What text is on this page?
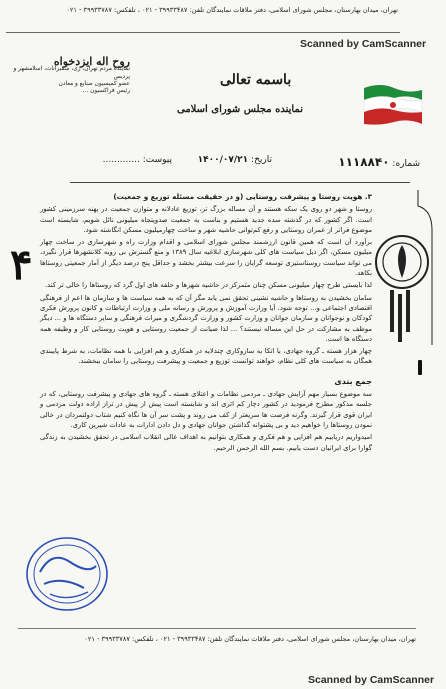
تهران، میدان بهارستان، مجلس شورای اسلامی، دفتر ملاقات نمایندگان تلفن: ۳۹۹۳۳۴۸۷ - ۰۲۱ ، تلفکس: ۳۹۹۳۳۷۸۷ - ۰۲۱
Scanned by CamScanner
روح اله ایزدخواه
نماینده مردم تهران، ری، شمیرانات، اسلامشهر و پردیس
عضو کمیسیون صنایع و معادن
رئیس فراکسیون ...
باسمه تعالی
نماینده مجلس شورای اسلامی
شماره: ۱۱۱۸۸۴۰
تاریخ: ۱۴۰۰/۰۷/۲۱
پیوست: .............
۴

۳. هویت روستا و پیشرفت روستایی (و در حقیقت مسئله توزیع و جمعیت)

روستا و شهر دو روی یک سکه هستند و آن مساله بزرگ تر، توزیع عادلانه و متوازن جمعیت در پهنه سرزمینی کشور است. اگر کشور که در گذشته سده جدید هستیم و بناست به جمعیت صدویتجاه میلیونی نائل شویم، شایسته است موضوع فراتر از عمران روستایی و رفع کم‌توانی حاشیه شهر و ساخت چهارمیلیون مسکن انگاشته شود.

برآورد آن است که همین قانون ارزشمند مجلس شورای اسلامی و اقدام وزارت راه و شهرسازی در ساخت چهار میلیون مسکن، اگر ذیل سیاست های کلی شهرسازی ابلاغیه سال ۱۳۸۹ و منع گسترش بی رویه کلانشهرها قرار نگیرد، می تواند سیاست روستاستیزی توسعه گرایان را سرعت بیشتر بخشد و حداقل پنج درصد دیگر از آمار جمعیتی روستاها بکاهد.

لذا بایستی طرح چهار میلیونی مسکن چنان متمرکز در حاشیه شهرها و حلقه های اول گرد که روستاها را خالی تر کند.

سامان بخشیدن به روستاها و حاشیه نشینی تحقق نمی یابد مگر آن که به همه سیاست ها و سازمان ها اعم از فرهنگی اقتصادی اجتماعی و... توجه شود. آیا وزارت آموزش و پرورش و رسانه ملی و وزارت ارتباطات و کانون پرورش فکری کودکان و نوجوانان و سازمان جوانان و وزارت کشور و وزارت گردشگری و میراث فرهنگی و سایر دستگاه ها و ... دیگر موظف به مشارکت در حل این مساله نیستند؟ ... لذا صیانت از جمعیت روستایی و هویت روستایی کار و وظیفه همه دستگاه ها است.

چهار هزار هسته ـ گروه جهادی، با اتکا به سازوکاری چندلایه در همکاری و هم افزایی با همه نظامات، به شرط پایبندی همگان به سیاست های کلی نظام، خواهند توانست توزیع و جمعیت و پیشرفت روستایی را سامان ببخشند.

جمع بندی

سه موضوع بسیار مهم آرایش جهادی ـ مردمی نظامات و اعتلای هسته ـ گروه های جهادی و پیشرفت روستایی، که در جلسه مذکور مطرح فرمودید در کشور دچار کم اثری اند و شایسته است پیش از پیش در تراز اراده دولت مردمی و ایران قوی قرار گیرند. وگرنه فرصت ها سریعتر از کف می روند و پشت سر آن ها نگاه کنیم شتاب دولتمردان در خالی نمودن روستاها را خواهیم دید و بی پشتوانه گذاشتن جوانان جهادی و دل دادن ادارات به عادات شیرین کاری.

امیدواریم دریابیم هم افزایی و هم فکری و همکاری بتوانیم به اهداف عالی انقلاب اسلامی در تحقق بخشیدن به زندگی گوارا برای ایرانیان دست یابیم. بسم الله الرحمن الرحیم.

تهران، میدان بهارستان، مجلس شورای اسلامی، دفتر ملاقات نمایندگان تلفن: ۳۹۹۳۳۴۸۷ - ۰۲۱ ، تلفکس: ۳۹۹۳۳۷۸۷ - ۰۲۱
Scanned by CamScanner
